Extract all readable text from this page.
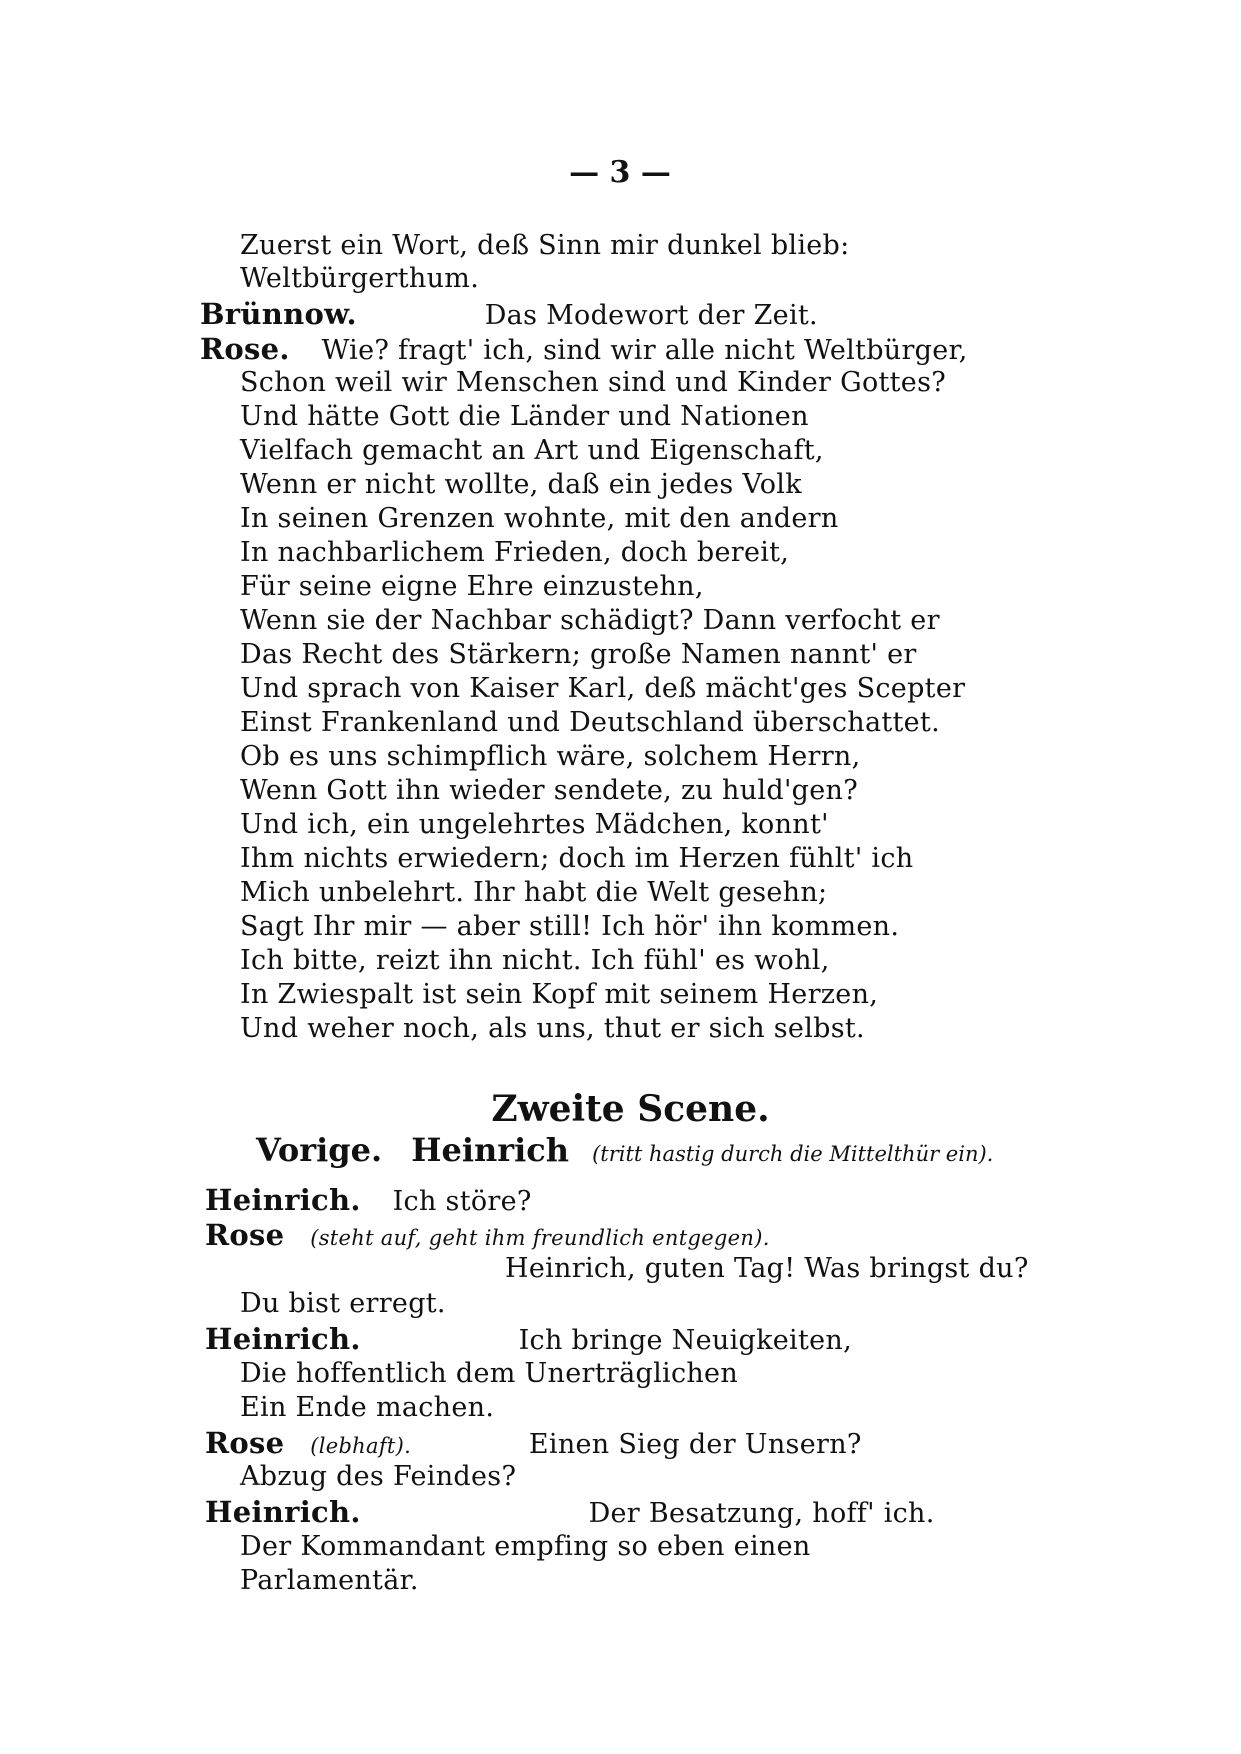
— 3 —
Zuerst ein Wort, deß Sinn mir dunkel blieb:
Weltbürgerthum.
Brünnow.	Das Modewort der Zeit.
Rose. Wie? fragt' ich, sind wir alle nicht Weltbürger,
Schon weil wir Menschen sind und Kinder Gottes?
Und hätte Gott die Länder und Nationen
Vielfach gemacht an Art und Eigenschaft,
Wenn er nicht wollte, daß ein jedes Volk
In seinen Grenzen wohnte, mit den andern
In nachbarlichem Frieden, doch bereit,
Für seine eigne Ehre einzustehn,
Wenn sie der Nachbar schädigt? Dann verfocht er
Das Recht des Stärkern; große Namen nannt' er
Und sprach von Kaiser Karl, deß mächt'ges Scepter
Einst Frankenland und Deutschland überschattet.
Ob es uns schimpflich wäre, solchem Herrn,
Wenn Gott ihn wieder sendete, zu huld'gen?
Und ich, ein ungelehrtes Mädchen, konnt'
Ihm nichts erwiedern; doch im Herzen fühlt' ich
Mich unbelehrt. Ihr habt die Welt gesehn;
Sagt Ihr mir — aber still! Ich hör' ihn kommen.
Ich bitte, reizt ihn nicht. Ich fühl' es wohl,
In Zwiespalt ist sein Kopf mit seinem Herzen,
Und weher noch, als uns, thut er sich selbst.
Zweite Scene.
Vorige. Heinrich (tritt hastig durch die Mittelthür ein).
Heinrich. Ich störe?
Rose (steht auf, geht ihm freundlich entgegen).
Heinrich, guten Tag! Was bringst du?
Du bist erregt.
Heinrich.	Ich bringe Neuigkeiten,
Die hoffentlich dem Unerträglichen
Ein Ende machen.
Rose (lebhaft).	Einen Sieg der Unsern?
Abzug des Feindes?
Heinrich.	Der Besatzung, hoff' ich.
Der Kommandant empfing so eben einen
Parlamentär.
